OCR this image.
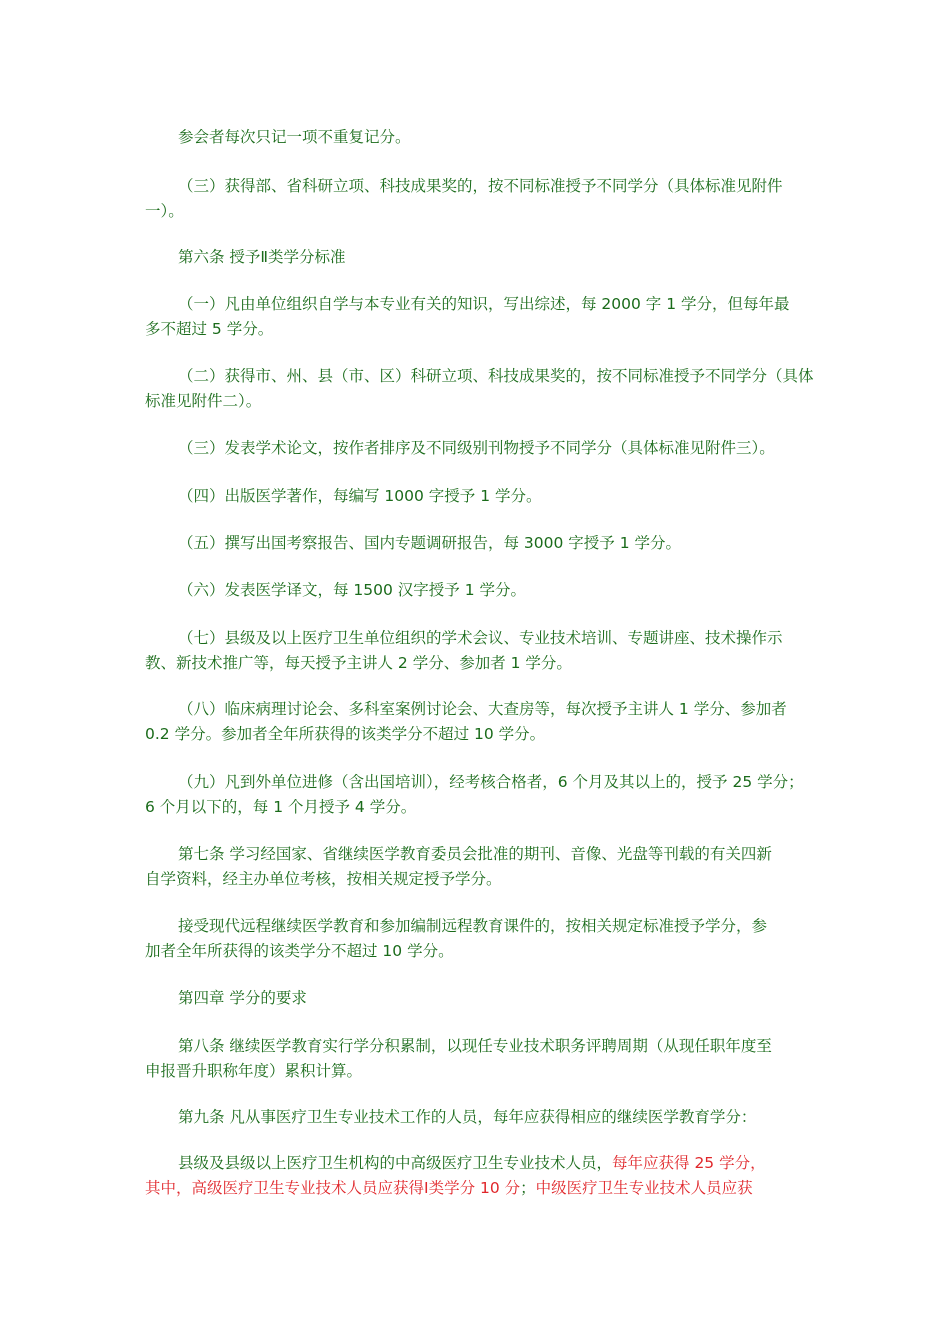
参会者每次只记一项不重复记分。

（三）获得部、省科研立项、科技成果奖的，按不同标准授予不同学分（具体标准见附件
一）。

第六条 授予Ⅱ类学分标准

（一）凡由单位组织自学与本专业有关的知识，写出综述，每 2000 字 1 学分，但每年最
多不超过 5 学分。

（二）获得市、州、县（市、区）科研立项、科技成果奖的，按不同标准授予不同学分（具体
标准见附件二）。

（三）发表学术论文，按作者排序及不同级别刊物授予不同学分（具体标准见附件三）。

（四）出版医学著作，每编写 1000 字授予 1 学分。

（五）撰写出国考察报告、国内专题调研报告，每 3000 字授予 1 学分。

（六）发表医学译文，每 1500 汉字授予 1 学分。

（七）县级及以上医疗卫生单位组织的学术会议、专业技术培训、专题讲座、技术操作示
教、新技术推广等，每天授予主讲人 2 学分、参加者 1 学分。

（八）临床病理讨论会、多科室案例讨论会、大查房等，每次授予主讲人 1 学分、参加者
0.2 学分。参加者全年所获得的该类学分不超过 10 学分。

（九）凡到外单位进修（含出国培训），经考核合格者，6 个月及其以上的，授予 25 学分；
6 个月以下的，每 1 个月授予 4 学分。

第七条 学习经国家、省继续医学教育委员会批准的期刊、音像、光盘等刊载的有关四新
自学资料，经主办单位考核，按相关规定授予学分。

接受现代远程继续医学教育和参加编制远程教育课件的，按相关规定标准授予学分，参
加者全年所获得的该类学分不超过 10 学分。

第四章 学分的要求

第八条 继续医学教育实行学分积累制，以现任专业技术职务评聘周期（从现任职年度至
申报晋升职称年度）累积计算。

第九条 凡从事医疗卫生专业技术工作的人员，每年应获得相应的继续医学教育学分：

县级及县级以上医疗卫生机构的中高级医疗卫生专业技术人员，每年应获得 25 学分，
其中，高级医疗卫生专业技术人员应获得Ⅰ类学分 10 分；中级医疗卫生专业技术人员应获
